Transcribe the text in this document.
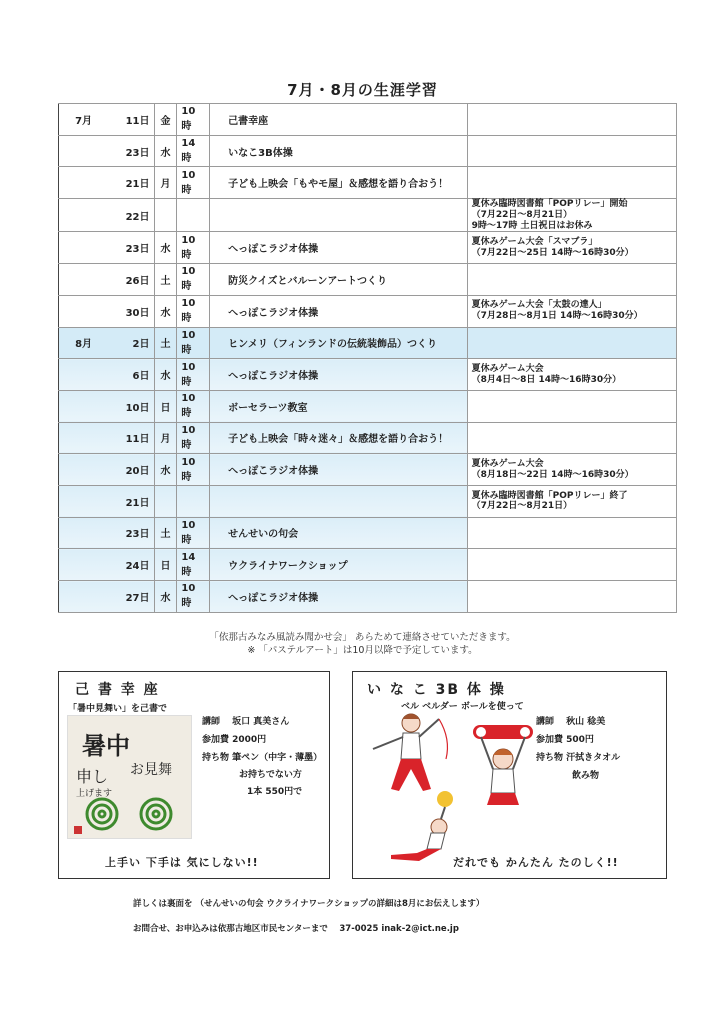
7月・8月の生涯学習
7月	11日	金	10時	己書幸座	
	23日	水	14時	いなこ3B体操	
	21日	月	10時	子ども上映会「もやモ屋」＆感想を語り合おう！	
	22日				夏休み臨時図書館「POPリレー」開始
（7月22日～8月21日）
9時～17時 土日祝日はお休み
	23日	水	10時	へっぽこラジオ体操	夏休みゲーム大会「スマブラ」
（7月22日～25日 14時～16時30分）
	26日	土	10時	防災クイズとバルーンアートつくり	
	30日	水	10時	へっぽこラジオ体操	夏休みゲーム大会「太鼓の達人」
（7月28日～8月1日 14時～16時30分）
8月	2日	土	10時	ヒンメリ（フィンランドの伝統装飾品）つくり	
	6日	水	10時	へっぽこラジオ体操	夏休みゲーム大会
（8月4日～8日 14時～16時30分）
	10日	日	10時	ボーセラーツ教室	
	11日	月	10時	子ども上映会「時々迷々」＆感想を語り合おう！	
	20日	水	10時	へっぽこラジオ体操	夏休みゲーム大会
（8月18日～22日 14時～16時30分）
	21日				夏休み臨時図書館「POPリレー」終了
（7月22日～8月21日）
	23日	土	10時	せんせいの句会	
	24日	日	14時	ウクライナワークショップ	
	27日	水	10時	へっぽこラジオ体操	
「依那古みなみ風読み聞かせ会」 あらためて連絡させていただきます。
※ 「パステルアート」は10月以降で予定しています。
己 書 幸 座
「暑中見舞い」を己書で
暑中
お見舞
申し
上げます
講師　 坂口 真美さん
参加費 2000円
持ち物 筆ペン（中字・薄墨）
お持ちでない方
1本 550円で
上手い 下手は 気にしない!!
い な こ 3B 体 操
ベル ベルダー ボールを使って
講師　 秋山 稔美
参加費 500円
持ち物 汗拭きタオル
飲み物
だれでも かんたん たのしく!!
詳しくは裏面を （せんせいの句会 ウクライナワークショップの詳細は8月にお伝えします）
お問合せ、お申込みは依那古地区市民センターまで　 37-0025 inak-2@ict.ne.jp
